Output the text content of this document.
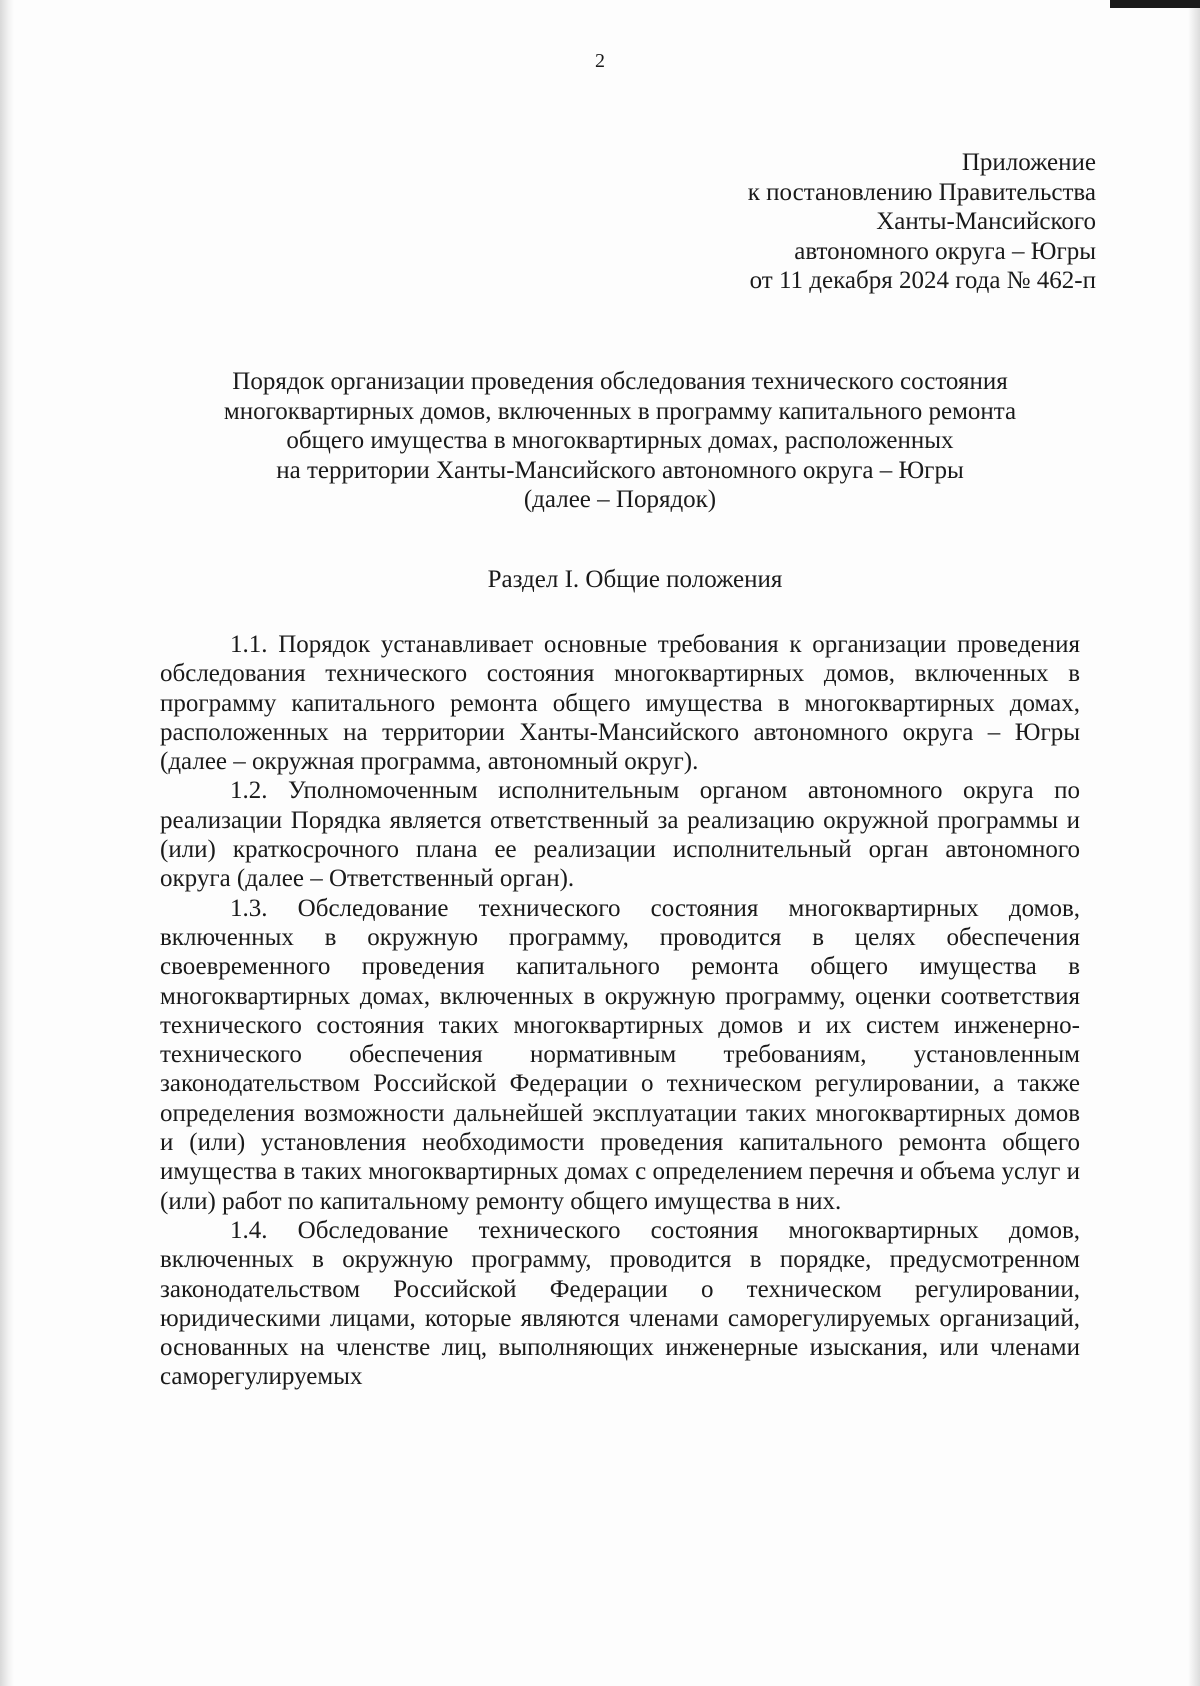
2
Приложение
к постановлению Правительства
Ханты-Мансийского
автономного округа – Югры
от 11 декабря 2024 года № 462-п
Порядок организации проведения обследования технического состояния
многоквартирных домов, включенных в программу капитального ремонта
общего имущества в многоквартирных домах, расположенных
на территории Ханты-Мансийского автономного округа – Югры
(далее – Порядок)
Раздел I. Общие положения

1.1. Порядок устанавливает основные требования к организации проведения обследования технического состояния многоквартирных домов, включенных в программу капитального ремонта общего имущества в многоквартирных домах, расположенных на территории Ханты-Мансийского автономного округа – Югры (далее – окружная программа, автономный округ).

1.2. Уполномоченным исполнительным органом автономного округа по реализации Порядка является ответственный за реализацию окружной программы и (или) краткосрочного плана ее реализации исполнительный орган автономного округа (далее – Ответственный орган).

1.3. Обследование технического состояния многоквартирных домов, включенных в окружную программу, проводится в целях обеспечения своевременного проведения капитального ремонта общего имущества в многоквартирных домах, включенных в окружную программу, оценки соответствия технического состояния таких многоквартирных домов и их систем инженерно-технического обеспечения нормативным требованиям, установленным законодательством Российской Федерации о техническом регулировании, а также определения возможности дальнейшей эксплуатации таких многоквартирных домов и (или) установления необходимости проведения капитального ремонта общего имущества в таких многоквартирных домах с определением перечня и объема услуг и (или) работ по капитальному ремонту общего имущества в них.

1.4. Обследование технического состояния многоквартирных домов, включенных в окружную программу, проводится в порядке, предусмотренном законодательством Российской Федерации о техническом регулировании, юридическими лицами, которые являются членами саморегулируемых организаций, основанных на членстве лиц, выполняющих инженерные изыскания, или членами саморегулируемых
